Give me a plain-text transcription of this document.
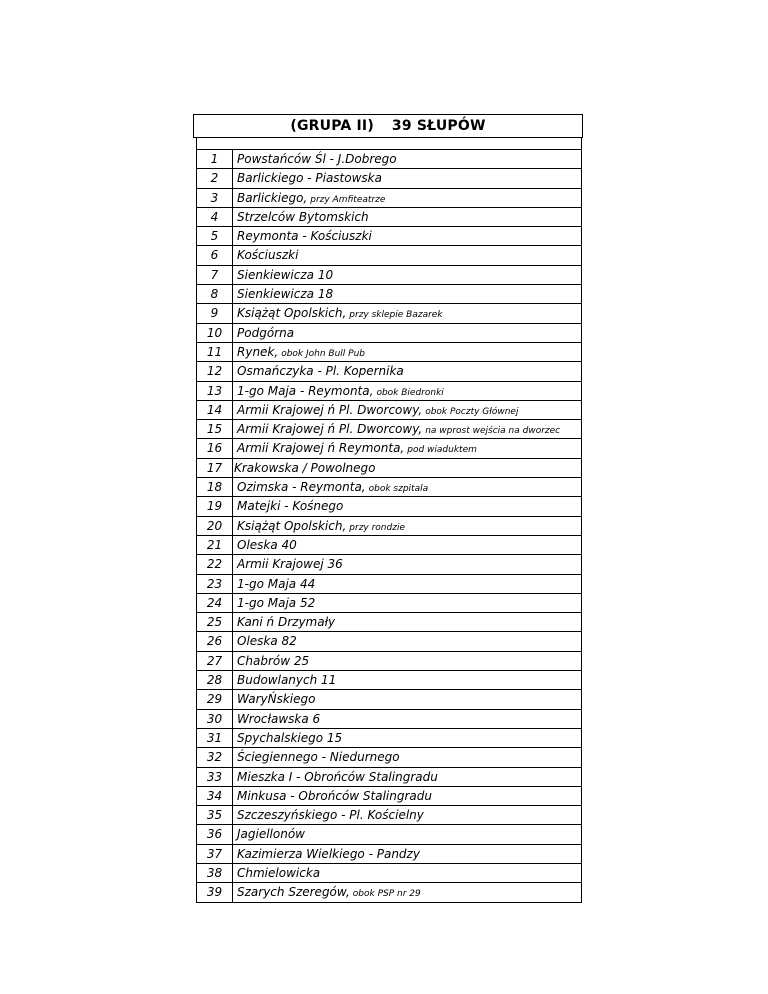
(GRUPA II) 39 SŁUPÓW
1	Powstańców Śl - J.Dobrego
2	Barlickiego - Piastowska
3	Barlickiego, przy Amfiteatrze
4	Strzelców Bytomskich
5	Reymonta - Kościuszki
6	Kościuszki
7	Sienkiewicza 10
8	Sienkiewicza 18
9	Książąt Opolskich, przy sklepie Bazarek
10	Podgórna
11	Rynek, obok John Bull Pub
12	Osmańczyka - Pl. Kopernika
13	1-go Maja - Reymonta, obok Biedronki
14	Armii Krajowej ń Pl. Dworcowy, obok Poczty Głównej
15	Armii Krajowej ń Pl. Dworcowy, na wprost wejścia na dworzec
16	Armii Krajowej ń Reymonta, pod wiaduktem
17 Krakowska / Powolnego
18	Ozimska - Reymonta, obok szpitala
19	Matejki - Kośnego
20	Książąt Opolskich, przy rondzie
21	Oleska 40
22	Armii Krajowej 36
23	1-go Maja 44
24	1-go Maja 52
25	Kani ń Drzymały
26	Oleska 82
27	Chabrów 25
28	Budowlanych 11
29	WaryŃskiego
30	Wrocławska 6
31	Spychalskiego 15
32	Ściegiennego - Niedurnego
33	Mieszka I - Obrońców Stalingradu
34	Minkusa - Obrońców Stalingradu
35	Szczeszyńskiego - Pl. Kościelny
36	Jagiellonów
37	Kazimierza Wielkiego - Pandzy
38	Chmielowicka
39	Szarych Szeregów, obok PSP nr 29
